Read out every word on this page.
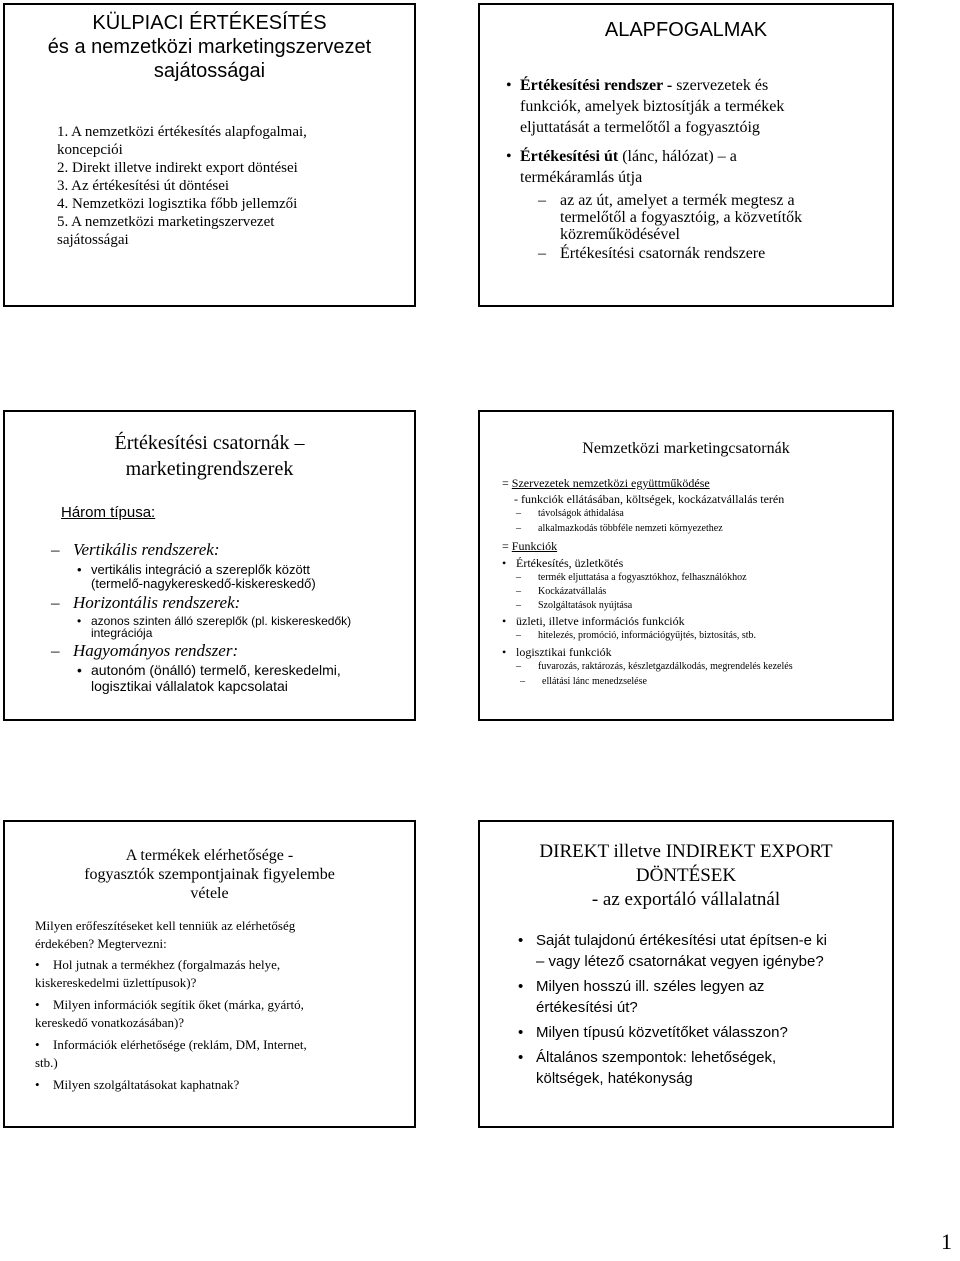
KÜLPIACI ÉRTÉKESÍTÉS
és a nemzetközi marketingszervezet
sajátosságai
1. A nemzetközi értékesítés alapfogalmai,
koncepciói
2. Direkt illetve indirekt export döntései
3. Az értékesítési út döntései
4. Nemzetközi logisztika főbb jellemzői
5. A nemzetközi marketingszervezet
sajátosságai
ALAPFOGALMAK
• Értékesítési rendszer - szervezetek és
funkciók, amelyek biztosítják a termékek
eljuttatását a termelőtől a fogyasztóig
• Értékesítési út (lánc, hálózat) – a
termékáramlás útja
– az az út, amelyet a termék megtesz a
termelőtől a fogyasztóig, a közvetítők
közreműködésével
– Értékesítési csatornák rendszere
Értékesítési csatornák –
marketingrendszerek
Három típusa:
– Vertikális rendszerek:
• vertikális integráció a szereplők között
(termelő-nagykereskedő-kiskereskedő)
– Horizontális rendszerek:
• azonos szinten álló szereplők (pl. kiskereskedők)
integrációja
– Hagyományos rendszer:
• autonóm (önálló) termelő, kereskedelmi,
logisztikai vállalatok kapcsolatai
Nemzetközi marketingcsatornák
= Szervezetek nemzetközi együttműködése
- funkciók ellátásában, költségek, kockázatvállalás terén
– távolságok áthidalása
– alkalmazkodás többféle nemzeti környezethez
= Funkciók
• Értékesítés, üzletkötés
– termék eljuttatása a fogyasztókhoz, felhasználókhoz
– Kockázatvállalás
– Szolgáltatások nyújtása
• üzleti, illetve információs funkciók
– hitelezés, promóció, információgyűjtés, biztosítás, stb.
• logisztikai funkciók
– fuvarozás, raktározás, készletgazdálkodás, megrendelés kezelés
– ellátási lánc menedzselése
A termékek elérhetősége -
fogyasztók szempontjainak figyelembe
vétele
Milyen erőfeszítéseket kell tenniük az elérhetőség
érdekében? Megtervezni:
• Hol jutnak a termékhez (forgalmazás helye,
kiskereskedelmi üzlettípusok)?
• Milyen információk segítik őket (márka, gyártó,
kereskedő vonatkozásában)?
• Információk elérhetősége (reklám, DM, Internet,
stb.)
• Milyen szolgáltatásokat kaphatnak?
DIREKT illetve INDIREKT EXPORT
DÖNTÉSEK
- az exportáló vállalatnál
• Saját tulajdonú értékesítési utat építsen-e ki
– vagy létező csatornákat vegyen igénybe?
• Milyen hosszú ill. széles legyen az
értékesítési út?
• Milyen típusú közvetítőket válasszon?
• Általános szempontok: lehetőségek,
költségek, hatékonyság
1
